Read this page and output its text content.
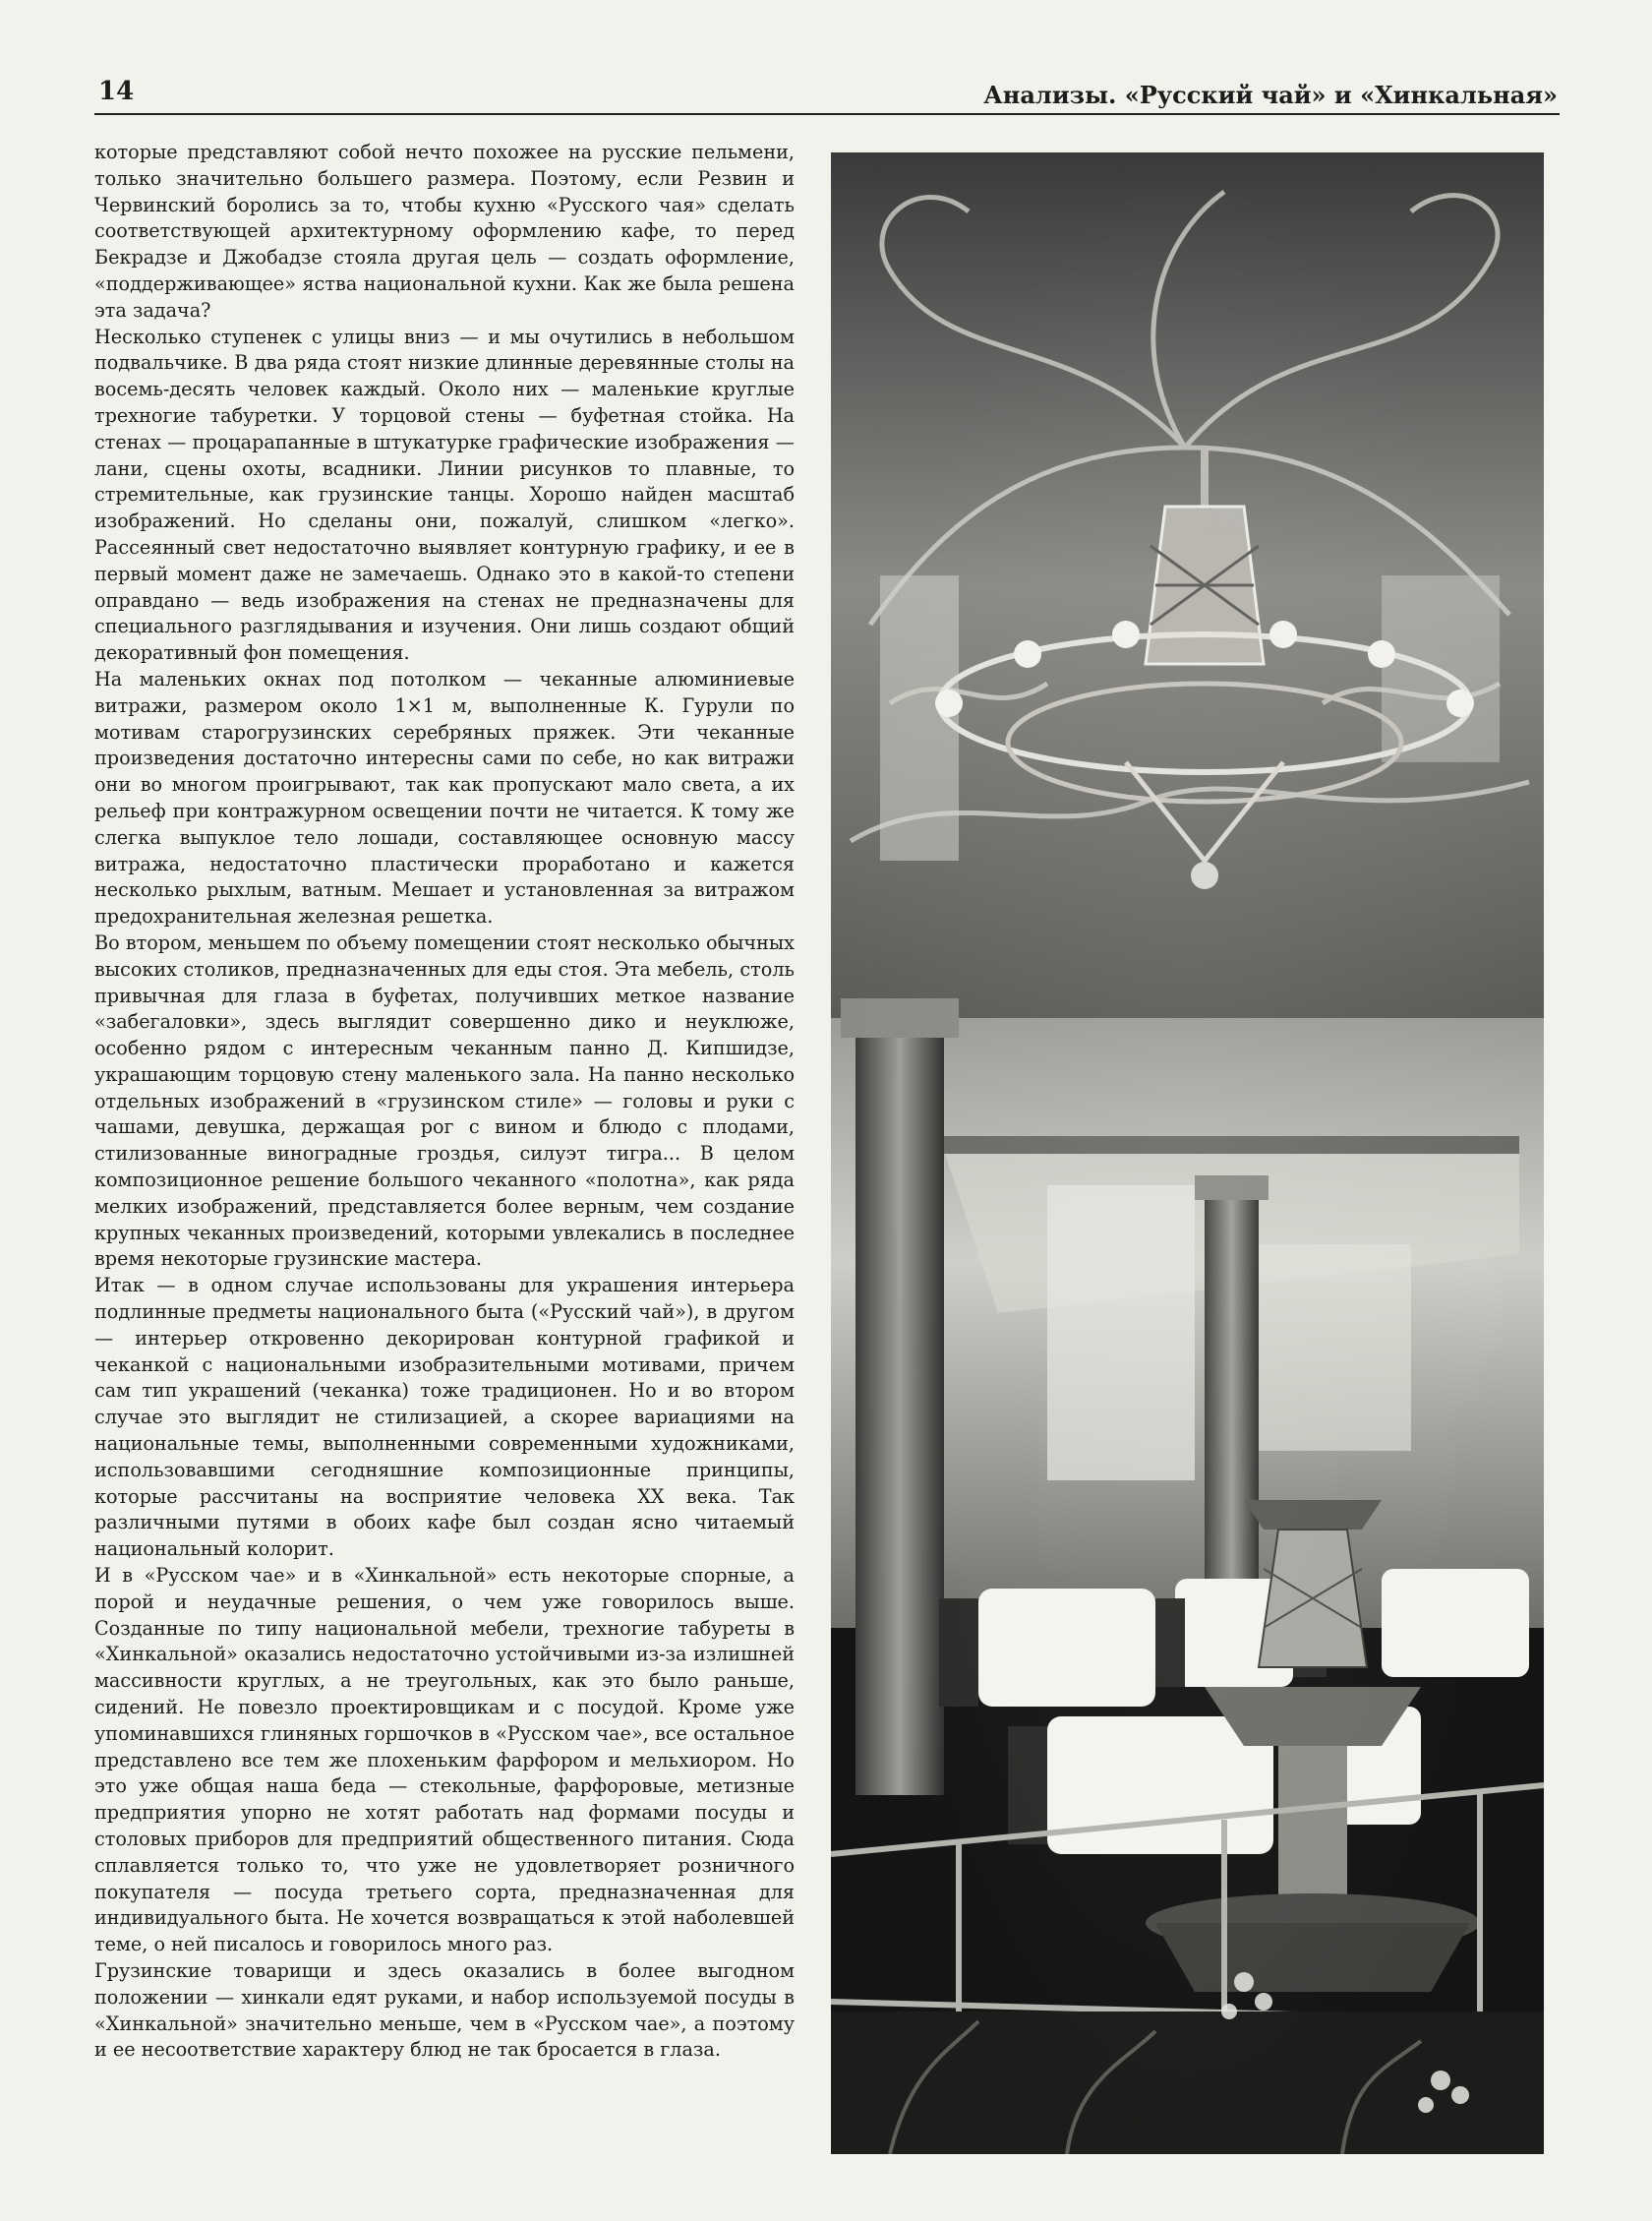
14	Анализы. «Русский чай» и «Хинкальная»

которые представляют собой нечто похожее на русские пельмени, только значительно большего размера. Поэтому, если Резвин и Червинский боролись за то, чтобы кухню «Русского чая» сделать соответствующей архитектурному оформлению кафе, то перед Бекрадзе и Джобадзе стояла другая цель — создать оформление, «поддерживающее» яства национальной кухни. Как же была решена эта задача?

Несколько ступенек с улицы вниз — и мы очутились в небольшом подвальчике. В два ряда стоят низкие длинные деревянные столы на восемь-десять человек каждый. Около них — маленькие круглые трехногие табуретки. У торцовой стены — буфетная стойка. На стенах — процарапанные в штукатурке графические изображения — лани, сцены охоты, всадники. Линии рисунков то плавные, то стремительные, как грузинские танцы. Хорошо найден масштаб изображений. Но сделаны они, пожалуй, слишком «легко». Рассеянный свет недостаточно выявляет контурную графику, и ее в первый момент даже не замечаешь. Однако это в какой-то степени оправдано — ведь изображения на стенах не предназначены для специального разглядывания и изучения. Они лишь создают общий декоративный фон помещения.

На маленьких окнах под потолком — чеканные алюминиевые витражи, размером около 1×1 м, выполненные К. Гурули по мотивам старогрузинских серебряных пряжек. Эти чеканные произведения достаточно интересны сами по себе, но как витражи они во многом проигрывают, так как пропускают мало света, а их рельеф при контражурном освещении почти не читается. К тому же слегка выпуклое тело лошади, составляющее основную массу витража, недостаточно пластически проработано и кажется несколько рыхлым, ватным. Мешает и установленная за витражом предохранительная железная решетка.

Во втором, меньшем по объему помещении стоят несколько обычных высоких столиков, предназначенных для еды стоя. Эта мебель, столь привычная для глаза в буфетах, получивших меткое название «забегаловки», здесь выглядит совершенно дико и неуклюже, особенно рядом с интересным чеканным панно Д. Кипшидзе, украшающим торцовую стену маленького зала. На панно несколько отдельных изображений в «грузинском стиле» — головы и руки с чашами, девушка, держащая рог с вином и блюдо с плодами, стилизованные виноградные гроздья, силуэт тигра... В целом композиционное решение большого чеканного «полотна», как ряда мелких изображений, представляется более верным, чем создание крупных чеканных произведений, которыми увлекались в последнее время некоторые грузинские мастера.

Итак — в одном случае использованы для украшения интерьера подлинные предметы национального быта («Русский чай»), в другом — интерьер откровенно декорирован контурной графикой и чеканкой с национальными изобразительными мотивами, причем сам тип украшений (чеканка) тоже традиционен. Но и во втором случае это выглядит не стилизацией, а скорее вариациями на национальные темы, выполненными современными художниками, использовавшими сегодняшние композиционные принципы, которые рассчитаны на восприятие человека XX века. Так различными путями в обоих кафе был создан ясно читаемый национальный колорит.

И в «Русском чае» и в «Хинкальной» есть некоторые спорные, а порой и неудачные решения, о чем уже говорилось выше. Созданные по типу национальной мебели, трехногие табуреты в «Хинкальной» оказались недостаточно устойчивыми из-за излишней массивности круглых, а не треугольных, как это было раньше, сидений. Не повезло проектировщикам и с посудой. Кроме уже упоминавшихся глиняных горшочков в «Русском чае», все остальное представлено все тем же плохеньким фарфором и мельхиором. Но это уже общая наша беда — стекольные, фарфоровые, метизные предприятия упорно не хотят работать над формами посуды и столовых приборов для предприятий общественного питания. Сюда сплавляется только то, что уже не удовлетворяет розничного покупателя — посуда третьего сорта, предназначенная для индивидуального быта. Не хочется возвращаться к этой наболевшей теме, о ней писалось и говорилось много раз.

Грузинские товарищи и здесь оказались в более выгодном положении — хинкали едят руками, и набор используемой посуды в «Хинкальной» значительно меньше, чем в «Русском чае», а поэтому и ее несоответствие характеру блюд не так бросается в глаза.
